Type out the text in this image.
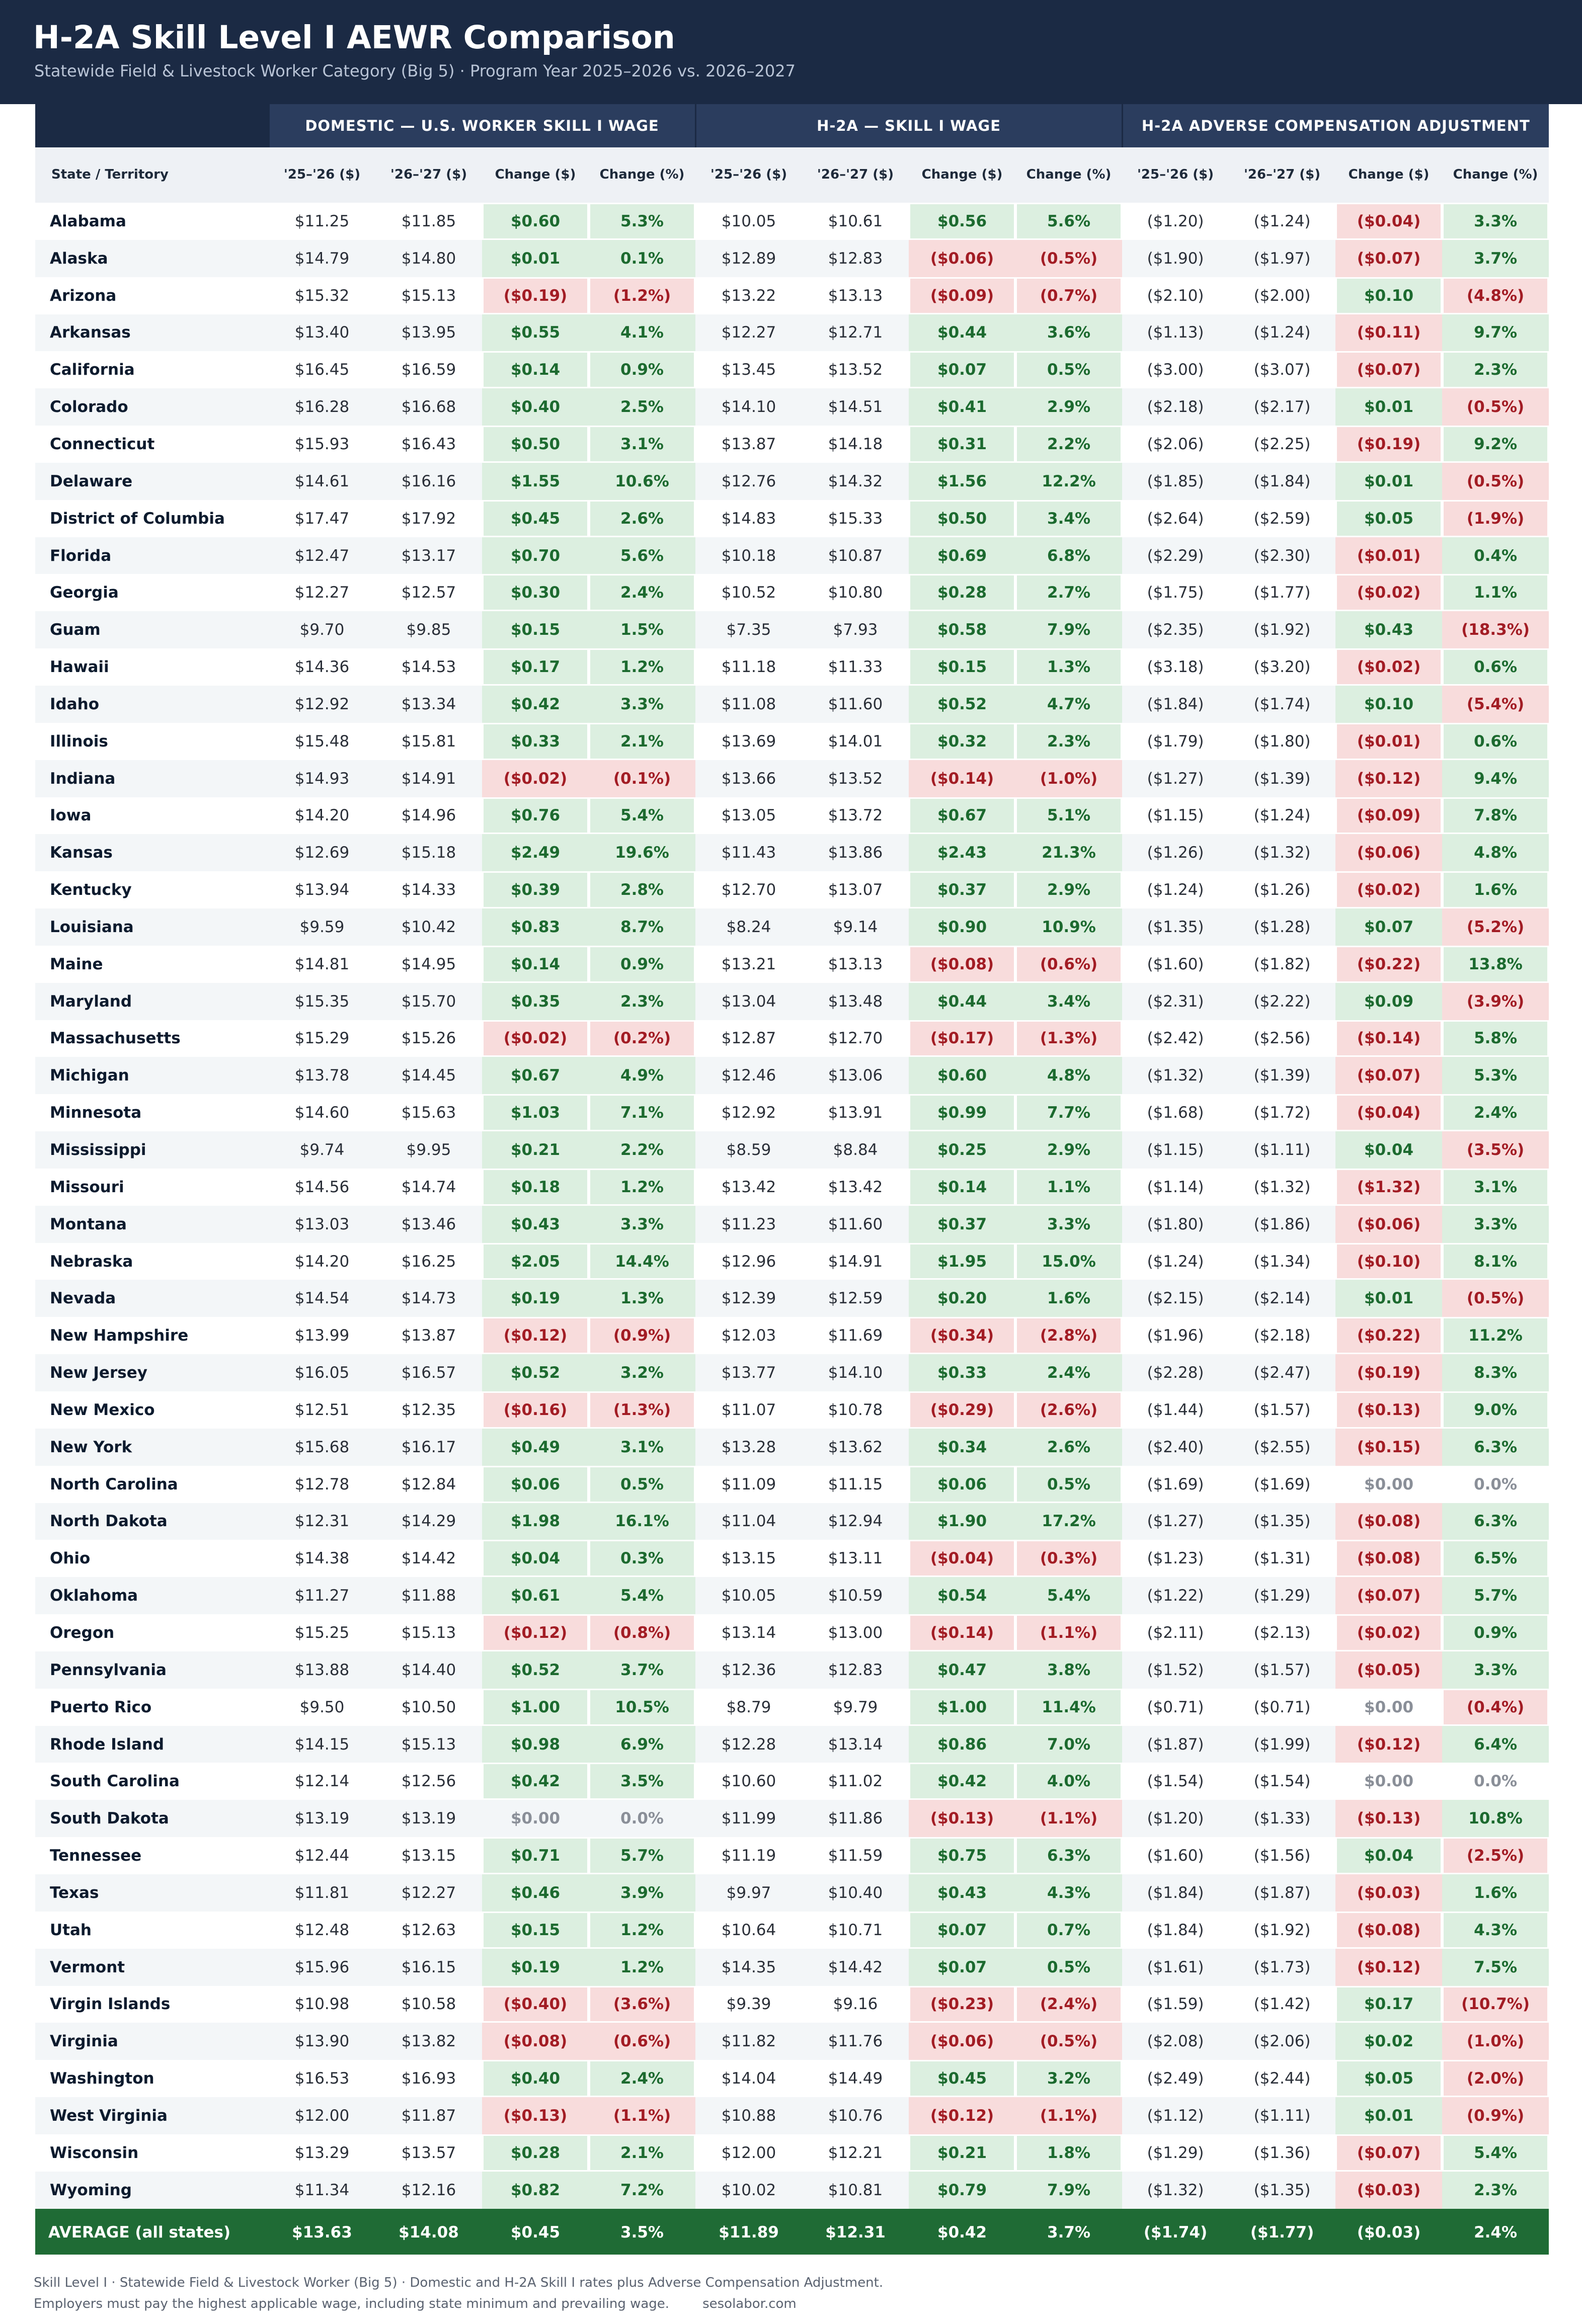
H-2A Skill Level I AEWR Comparison
Statewide Field & Livestock Worker Category (Big 5) · Program Year 2025–2026 vs. 2026–2027
	DOMESTIC — U.S. WORKER SKILL I WAGE				H-2A — SKILL I WAGE				H-2A ADVERSE COMPENSATION ADJUSTMENT			
State / Territory	'25–'26 ($)	'26–'27 ($)	Change ($)	Change (%)	'25–'26 ($)	'26–'27 ($)	Change ($)	Change (%)	'25–'26 ($)	'26–'27 ($)	Change ($)	Change (%)
Alabama	$11.25	$11.85	$0.60	5.3%	$10.05	$10.61	$0.56	5.6%	($1.20)	($1.24)	($0.04)	3.3%
Alaska	$14.79	$14.80	$0.01	0.1%	$12.89	$12.83	($0.06)	(0.5%)	($1.90)	($1.97)	($0.07)	3.7%
Arizona	$15.32	$15.13	($0.19)	(1.2%)	$13.22	$13.13	($0.09)	(0.7%)	($2.10)	($2.00)	$0.10	(4.8%)
Arkansas	$13.40	$13.95	$0.55	4.1%	$12.27	$12.71	$0.44	3.6%	($1.13)	($1.24)	($0.11)	9.7%
California	$16.45	$16.59	$0.14	0.9%	$13.45	$13.52	$0.07	0.5%	($3.00)	($3.07)	($0.07)	2.3%
Colorado	$16.28	$16.68	$0.40	2.5%	$14.10	$14.51	$0.41	2.9%	($2.18)	($2.17)	$0.01	(0.5%)
Connecticut	$15.93	$16.43	$0.50	3.1%	$13.87	$14.18	$0.31	2.2%	($2.06)	($2.25)	($0.19)	9.2%
Delaware	$14.61	$16.16	$1.55	10.6%	$12.76	$14.32	$1.56	12.2%	($1.85)	($1.84)	$0.01	(0.5%)
District of Columbia	$17.47	$17.92	$0.45	2.6%	$14.83	$15.33	$0.50	3.4%	($2.64)	($2.59)	$0.05	(1.9%)
Florida	$12.47	$13.17	$0.70	5.6%	$10.18	$10.87	$0.69	6.8%	($2.29)	($2.30)	($0.01)	0.4%
Georgia	$12.27	$12.57	$0.30	2.4%	$10.52	$10.80	$0.28	2.7%	($1.75)	($1.77)	($0.02)	1.1%
Guam	$9.70	$9.85	$0.15	1.5%	$7.35	$7.93	$0.58	7.9%	($2.35)	($1.92)	$0.43	(18.3%)
Hawaii	$14.36	$14.53	$0.17	1.2%	$11.18	$11.33	$0.15	1.3%	($3.18)	($3.20)	($0.02)	0.6%
Idaho	$12.92	$13.34	$0.42	3.3%	$11.08	$11.60	$0.52	4.7%	($1.84)	($1.74)	$0.10	(5.4%)
Illinois	$15.48	$15.81	$0.33	2.1%	$13.69	$14.01	$0.32	2.3%	($1.79)	($1.80)	($0.01)	0.6%
Indiana	$14.93	$14.91	($0.02)	(0.1%)	$13.66	$13.52	($0.14)	(1.0%)	($1.27)	($1.39)	($0.12)	9.4%
Iowa	$14.20	$14.96	$0.76	5.4%	$13.05	$13.72	$0.67	5.1%	($1.15)	($1.24)	($0.09)	7.8%
Kansas	$12.69	$15.18	$2.49	19.6%	$11.43	$13.86	$2.43	21.3%	($1.26)	($1.32)	($0.06)	4.8%
Kentucky	$13.94	$14.33	$0.39	2.8%	$12.70	$13.07	$0.37	2.9%	($1.24)	($1.26)	($0.02)	1.6%
Louisiana	$9.59	$10.42	$0.83	8.7%	$8.24	$9.14	$0.90	10.9%	($1.35)	($1.28)	$0.07	(5.2%)
Maine	$14.81	$14.95	$0.14	0.9%	$13.21	$13.13	($0.08)	(0.6%)	($1.60)	($1.82)	($0.22)	13.8%
Maryland	$15.35	$15.70	$0.35	2.3%	$13.04	$13.48	$0.44	3.4%	($2.31)	($2.22)	$0.09	(3.9%)
Massachusetts	$15.29	$15.26	($0.02)	(0.2%)	$12.87	$12.70	($0.17)	(1.3%)	($2.42)	($2.56)	($0.14)	5.8%
Michigan	$13.78	$14.45	$0.67	4.9%	$12.46	$13.06	$0.60	4.8%	($1.32)	($1.39)	($0.07)	5.3%
Minnesota	$14.60	$15.63	$1.03	7.1%	$12.92	$13.91	$0.99	7.7%	($1.68)	($1.72)	($0.04)	2.4%
Mississippi	$9.74	$9.95	$0.21	2.2%	$8.59	$8.84	$0.25	2.9%	($1.15)	($1.11)	$0.04	(3.5%)
Missouri	$14.56	$14.74	$0.18	1.2%	$13.42	$13.42	$0.14	1.1%	($1.14)	($1.32)	($1.32)	3.1%
Montana	$13.03	$13.46	$0.43	3.3%	$11.23	$11.60	$0.37	3.3%	($1.80)	($1.86)	($0.06)	3.3%
Nebraska	$14.20	$16.25	$2.05	14.4%	$12.96	$14.91	$1.95	15.0%	($1.24)	($1.34)	($0.10)	8.1%
Nevada	$14.54	$14.73	$0.19	1.3%	$12.39	$12.59	$0.20	1.6%	($2.15)	($2.14)	$0.01	(0.5%)
New Hampshire	$13.99	$13.87	($0.12)	(0.9%)	$12.03	$11.69	($0.34)	(2.8%)	($1.96)	($2.18)	($0.22)	11.2%
New Jersey	$16.05	$16.57	$0.52	3.2%	$13.77	$14.10	$0.33	2.4%	($2.28)	($2.47)	($0.19)	8.3%
New Mexico	$12.51	$12.35	($0.16)	(1.3%)	$11.07	$10.78	($0.29)	(2.6%)	($1.44)	($1.57)	($0.13)	9.0%
New York	$15.68	$16.17	$0.49	3.1%	$13.28	$13.62	$0.34	2.6%	($2.40)	($2.55)	($0.15)	6.3%
North Carolina	$12.78	$12.84	$0.06	0.5%	$11.09	$11.15	$0.06	0.5%	($1.69)	($1.69)	$0.00	0.0%
North Dakota	$12.31	$14.29	$1.98	16.1%	$11.04	$12.94	$1.90	17.2%	($1.27)	($1.35)	($0.08)	6.3%
Ohio	$14.38	$14.42	$0.04	0.3%	$13.15	$13.11	($0.04)	(0.3%)	($1.23)	($1.31)	($0.08)	6.5%
Oklahoma	$11.27	$11.88	$0.61	5.4%	$10.05	$10.59	$0.54	5.4%	($1.22)	($1.29)	($0.07)	5.7%
Oregon	$15.25	$15.13	($0.12)	(0.8%)	$13.14	$13.00	($0.14)	(1.1%)	($2.11)	($2.13)	($0.02)	0.9%
Pennsylvania	$13.88	$14.40	$0.52	3.7%	$12.36	$12.83	$0.47	3.8%	($1.52)	($1.57)	($0.05)	3.3%
Puerto Rico	$9.50	$10.50	$1.00	10.5%	$8.79	$9.79	$1.00	11.4%	($0.71)	($0.71)	$0.00	(0.4%)
Rhode Island	$14.15	$15.13	$0.98	6.9%	$12.28	$13.14	$0.86	7.0%	($1.87)	($1.99)	($0.12)	6.4%
South Carolina	$12.14	$12.56	$0.42	3.5%	$10.60	$11.02	$0.42	4.0%	($1.54)	($1.54)	$0.00	0.0%
South Dakota	$13.19	$13.19	$0.00	0.0%	$11.99	$11.86	($0.13)	(1.1%)	($1.20)	($1.33)	($0.13)	10.8%
Tennessee	$12.44	$13.15	$0.71	5.7%	$11.19	$11.59	$0.75	6.3%	($1.60)	($1.56)	$0.04	(2.5%)
Texas	$11.81	$12.27	$0.46	3.9%	$9.97	$10.40	$0.43	4.3%	($1.84)	($1.87)	($0.03)	1.6%
Utah	$12.48	$12.63	$0.15	1.2%	$10.64	$10.71	$0.07	0.7%	($1.84)	($1.92)	($0.08)	4.3%
Vermont	$15.96	$16.15	$0.19	1.2%	$14.35	$14.42	$0.07	0.5%	($1.61)	($1.73)	($0.12)	7.5%
Virgin Islands	$10.98	$10.58	($0.40)	(3.6%)	$9.39	$9.16	($0.23)	(2.4%)	($1.59)	($1.42)	$0.17	(10.7%)
Virginia	$13.90	$13.82	($0.08)	(0.6%)	$11.82	$11.76	($0.06)	(0.5%)	($2.08)	($2.06)	$0.02	(1.0%)
Washington	$16.53	$16.93	$0.40	2.4%	$14.04	$14.49	$0.45	3.2%	($2.49)	($2.44)	$0.05	(2.0%)
West Virginia	$12.00	$11.87	($0.13)	(1.1%)	$10.88	$10.76	($0.12)	(1.1%)	($1.12)	($1.11)	$0.01	(0.9%)
Wisconsin	$13.29	$13.57	$0.28	2.1%	$12.00	$12.21	$0.21	1.8%	($1.29)	($1.36)	($0.07)	5.4%
Wyoming	$11.34	$12.16	$0.82	7.2%	$10.02	$10.81	$0.79	7.9%	($1.32)	($1.35)	($0.03)	2.3%
AVERAGE (all states)	$13.63	$14.08	$0.45	3.5%	$11.89	$12.31	$0.42	3.7%	($1.74)	($1.77)	($0.03)	2.4%
Skill Level I · Statewide Field & Livestock Worker (Big 5) · Domestic and H-2A Skill I rates plus Adverse Compensation Adjustment.
Employers must pay the highest applicable wage, including state minimum and prevailing wage.	sesolabor.com
